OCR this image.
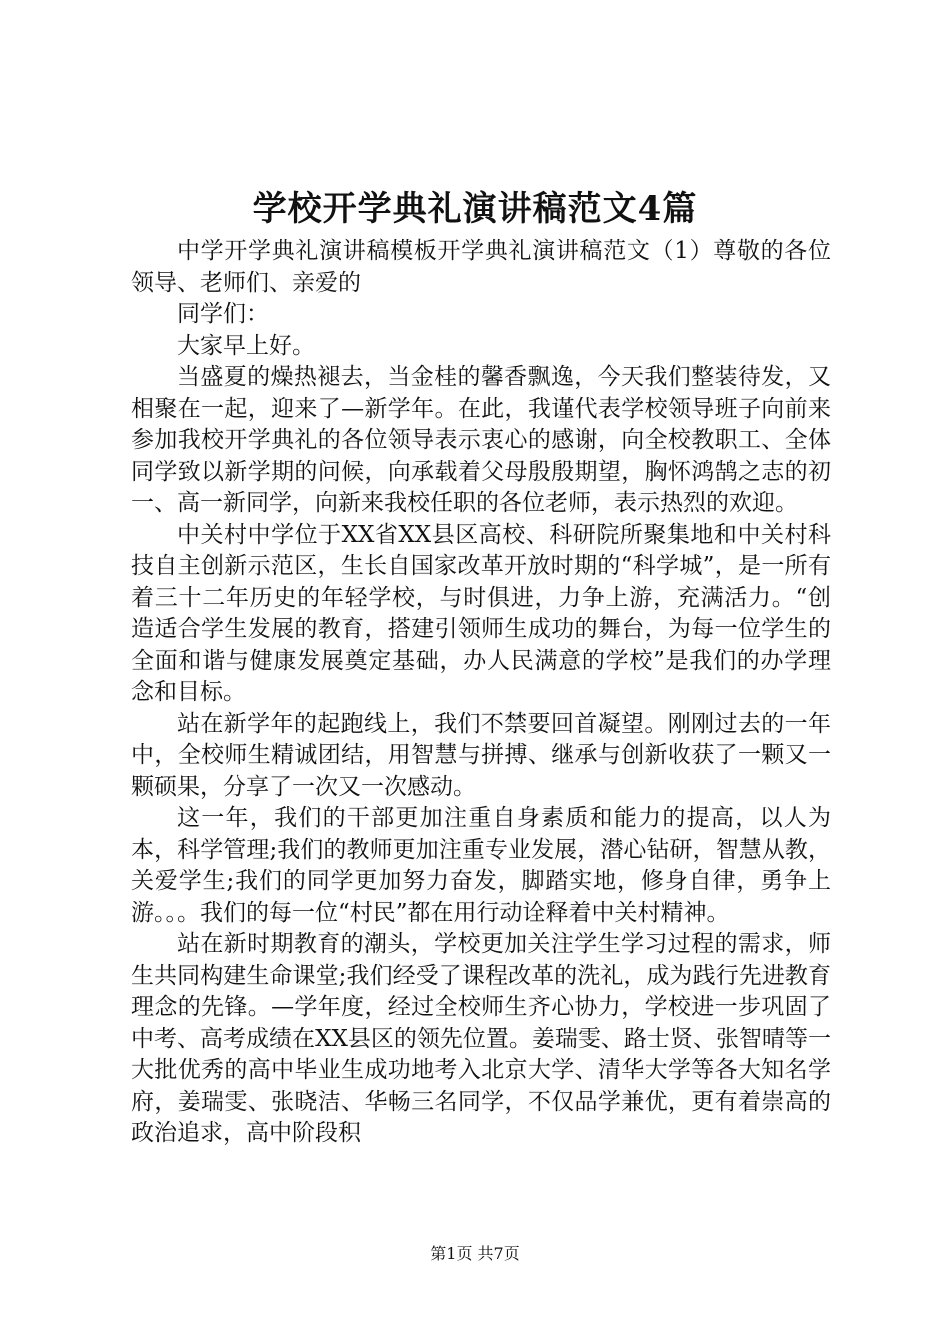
学校开学典礼演讲稿范文4篇

中学开学典礼演讲稿模板开学典礼演讲稿范文（1）尊敬的各位领导、老师们、亲爱的

同学们：

大家早上好。

当盛夏的燥热褪去，当金桂的馨香飘逸，今天我们整装待发，又相聚在一起，迎来了—新学年。在此，我谨代表学校领导班子向前来参加我校开学典礼的各位领导表示衷心的感谢，向全校教职工、全体同学致以新学期的问候，向承载着父母殷殷期望，胸怀鸿鹄之志的初一、高一新同学，向新来我校任职的各位老师，表示热烈的欢迎。

中关村中学位于XX省XX县区高校、科研院所聚集地和中关村科技自主创新示范区，生长自国家改革开放时期的“科学城”，是一所有着三十二年历史的年轻学校，与时俱进，力争上游，充满活力。“创造适合学生发展的教育，搭建引领师生成功的舞台，为每一位学生的全面和谐与健康发展奠定基础，办人民满意的学校”是我们的办学理念和目标。

站在新学年的起跑线上，我们不禁要回首凝望。刚刚过去的一年中，全校师生精诚团结，用智慧与拼搏、继承与创新收获了一颗又一颗硕果，分享了一次又一次感动。

这一年，我们的干部更加注重自身素质和能力的提高，以人为本，科学管理;我们的教师更加注重专业发展，潜心钻研，智慧从教，关爱学生;我们的同学更加努力奋发，脚踏实地，修身自律，勇争上游。。。我们的每一位“村民”都在用行动诠释着中关村精神。

站在新时期教育的潮头，学校更加关注学生学习过程的需求，师生共同构建生命课堂;我们经受了课程改革的洗礼，成为践行先进教育理念的先锋。—学年度，经过全校师生齐心协力，学校进一步巩固了中考、高考成绩在XX县区的领先位置。姜瑞雯、路士贤、张智晴等一大批优秀的高中毕业生成功地考入北京大学、清华大学等各大知名学府，姜瑞雯、张晓洁、华畅三名同学，不仅品学兼优，更有着崇高的政治追求，高中阶段积

第1页 共7页
